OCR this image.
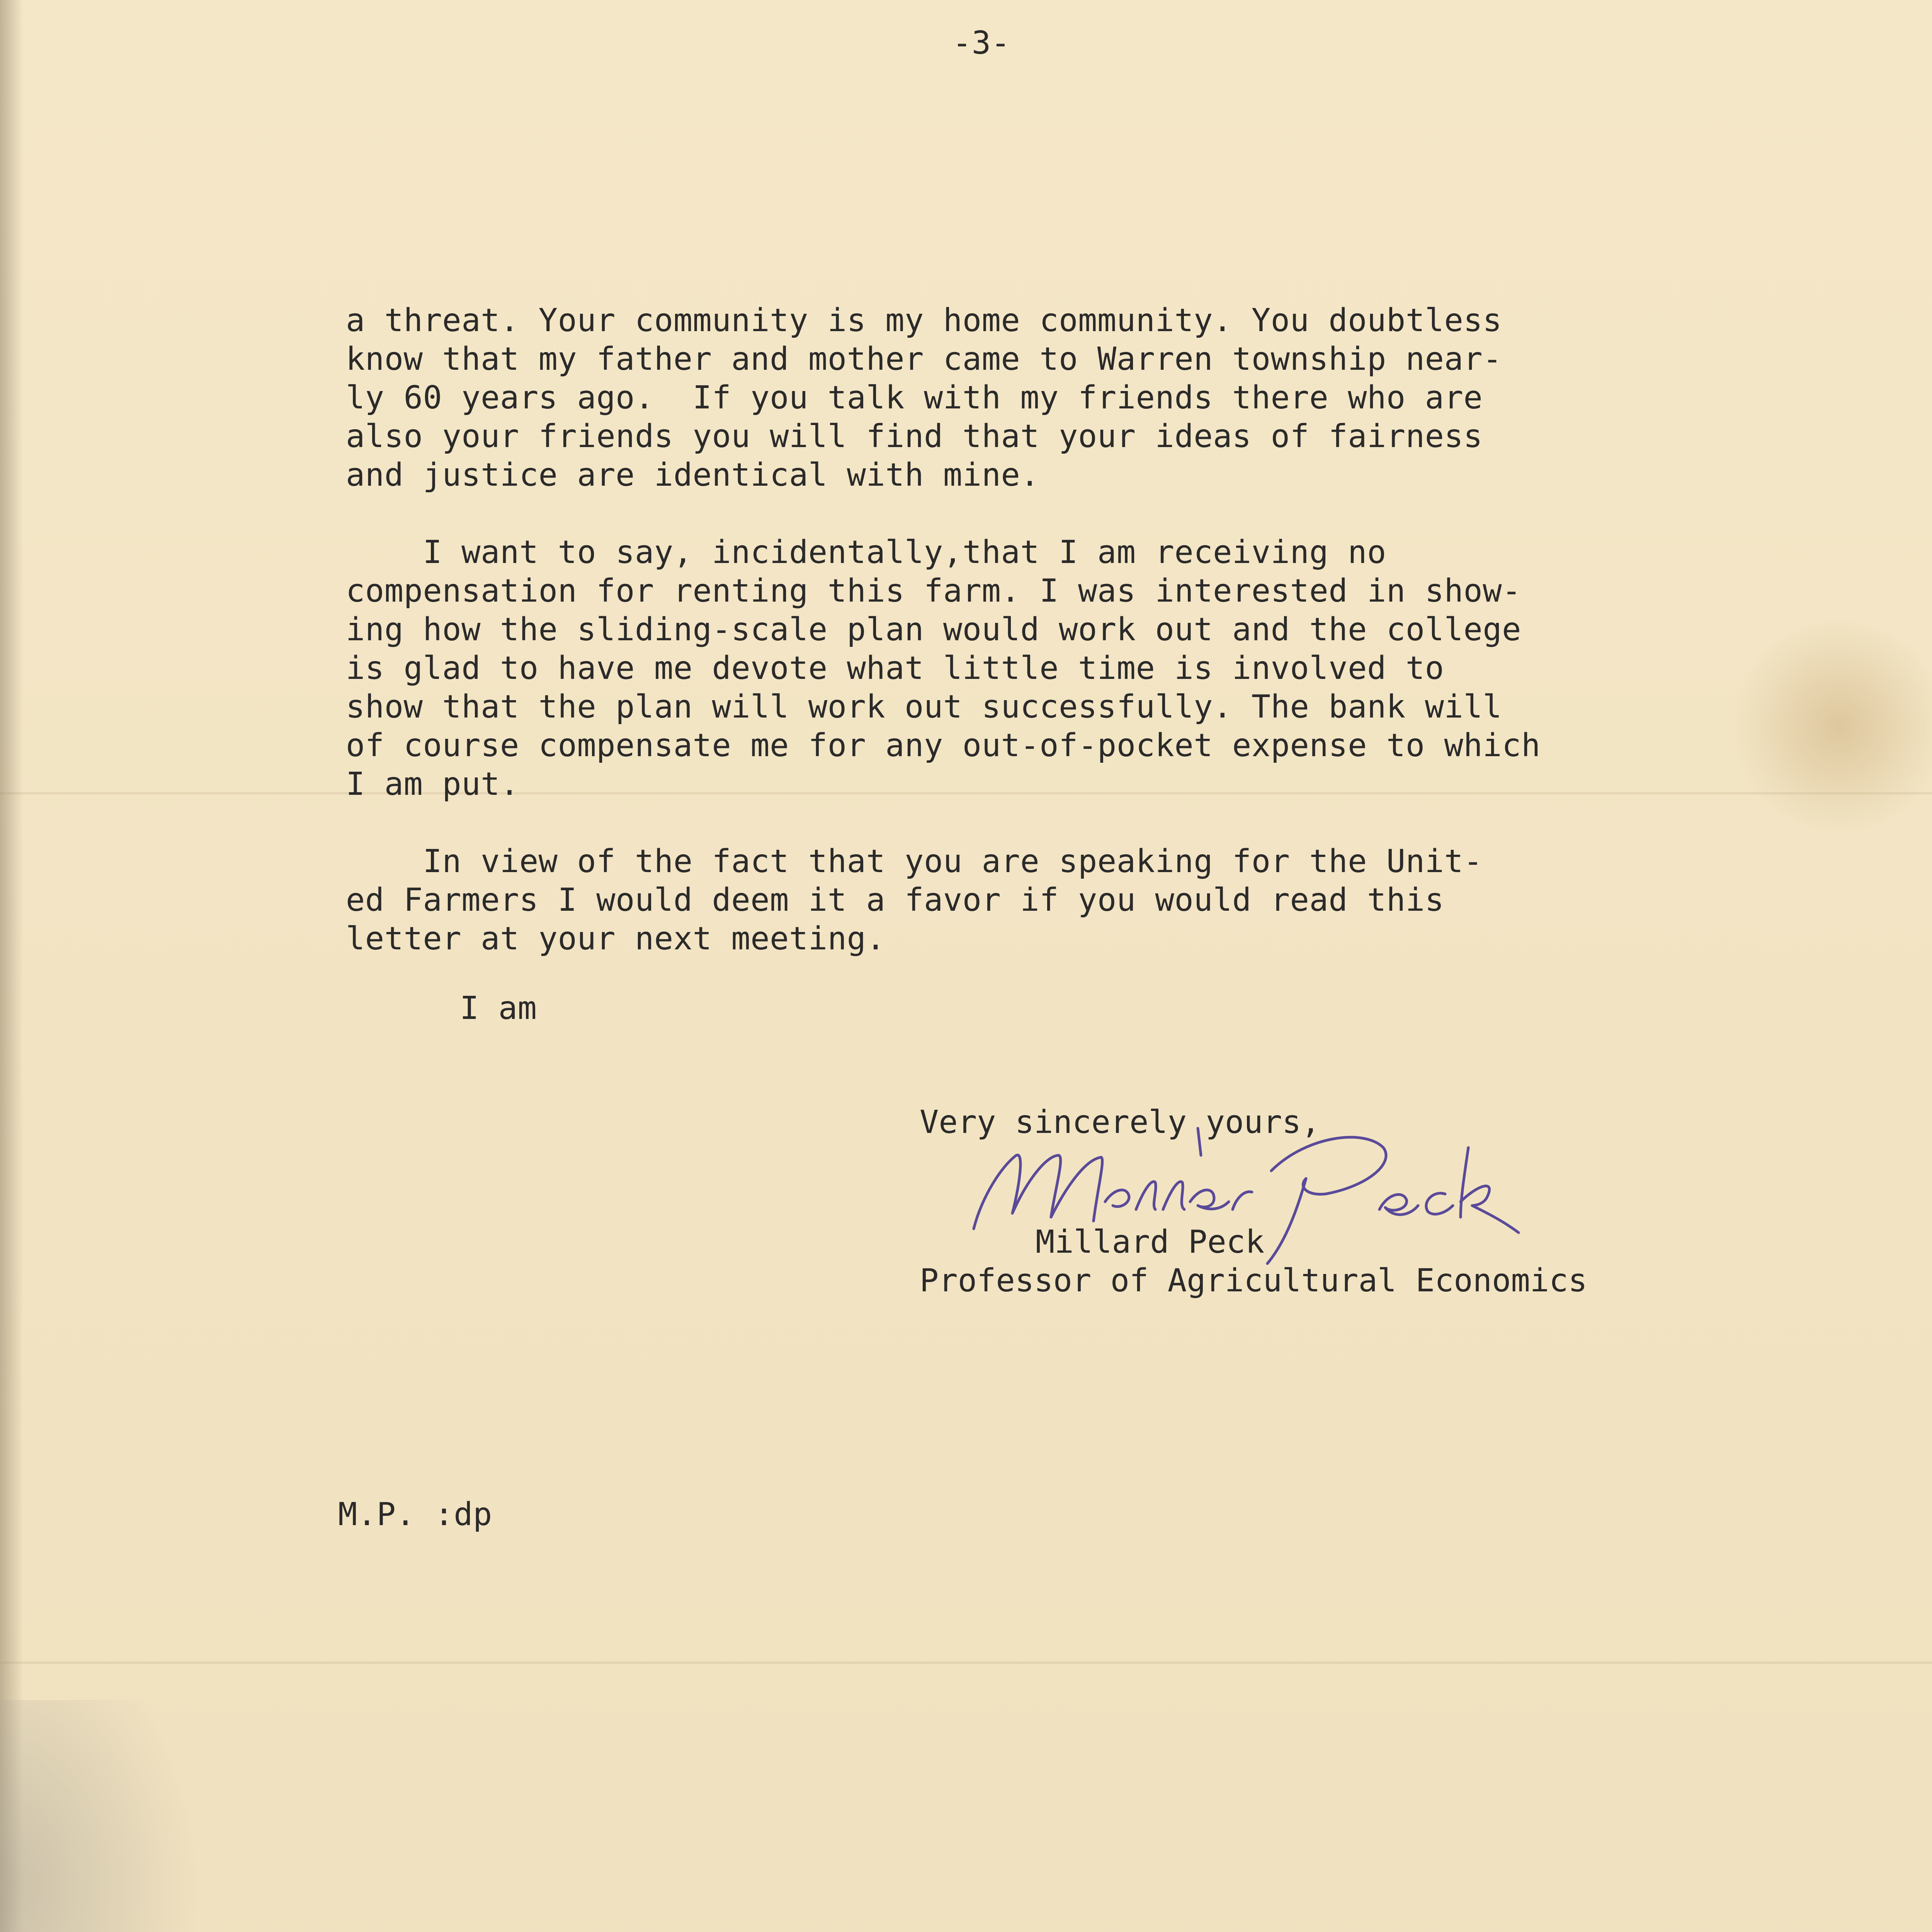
-3-
a threat. Your community is my home community. You doubtless
know that my father and mother came to Warren township near-
ly 60 years ago.  If you talk with my friends there who are
also your friends you will find that your ideas of fairness
and justice are identical with mine.
I want to say, incidentally,that I am receiving no
compensation for renting this farm. I was interested in show-
ing how the sliding-scale plan would work out and the college
is glad to have me devote what little time is involved to
show that the plan will work out successfully. The bank will
of course compensate me for any out-of-pocket expense to which
I am put.
In view of the fact that you are speaking for the Unit-
ed Farmers I would deem it a favor if you would read this
letter at your next meeting.
I am
Very sincerely yours,
Millard Peck
Professor of Agricultural Economics
M.P. :dp
